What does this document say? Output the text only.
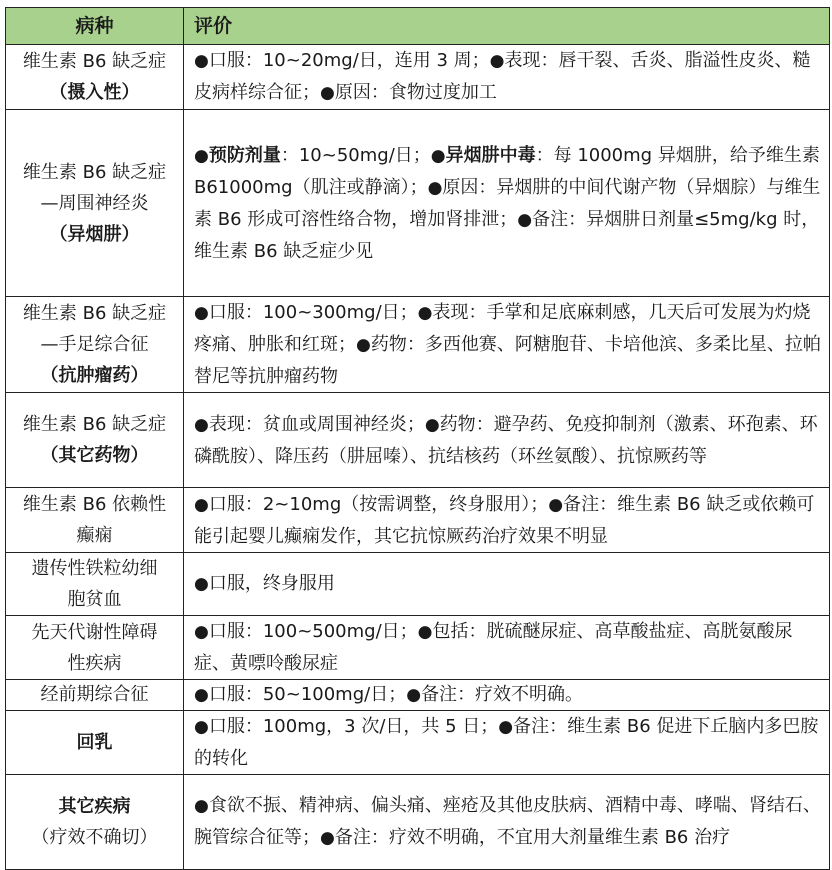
病种	评价

维生素 B6 缺乏症
（摄入性）	●口服：10~20mg/日，连用 3 周；●表现：唇干裂、舌炎、脂溢性皮炎、糙皮病样综合征；●原因：食物过度加工

维生素 B6 缺乏症
—周围神经炎
（异烟肼）	●预防剂量：10~50mg/日；●异烟肼中毒：每 1000mg 异烟肼，给予维生素 B61000mg（肌注或静滴）；●原因：异烟肼的中间代谢产物（异烟腙）与维生素 B6 形成可溶性络合物，增加肾排泄；●备注：异烟肼日剂量≤5mg/kg 时，维生素 B6 缺乏症少见

维生素 B6 缺乏症
—手足综合征
（抗肿瘤药）	●口服：100~300mg/日；●表现：手掌和足底麻刺感，几天后可发展为灼烧疼痛、肿胀和红斑；●药物：多西他赛、阿糖胞苷、卡培他滨、多柔比星、拉帕替尼等抗肿瘤药物

维生素 B6 缺乏症
（其它药物）	●表现：贫血或周围神经炎；●药物：避孕药、免疫抑制剂（激素、环孢素、环磷酰胺）、降压药（肼屈嗪）、抗结核药（环丝氨酸）、抗惊厥药等

维生素 B6 依赖性
癫痫	●口服：2~10mg（按需调整，终身服用）；●备注：维生素 B6 缺乏或依赖可能引起婴儿癫痫发作，其它抗惊厥药治疗效果不明显

遗传性铁粒幼细
胞贫血	●口服，终身服用

先天代谢性障碍
性疾病	●口服：100~500mg/日；●包括：胱硫醚尿症、高草酸盐症、高胱氨酸尿症、黄嘌呤酸尿症

经前期综合征	●口服：50~100mg/日；●备注：疗效不明确。

回乳	●口服：100mg，3 次/日，共 5 日；●备注：维生素 B6 促进下丘脑内多巴胺的转化

其它疾病
（疗效不确切）	●食欲不振、精神病、偏头痛、痤疮及其他皮肤病、酒精中毒、哮喘、肾结石、腕管综合征等；●备注：疗效不明确，不宜用大剂量维生素 B6 治疗
